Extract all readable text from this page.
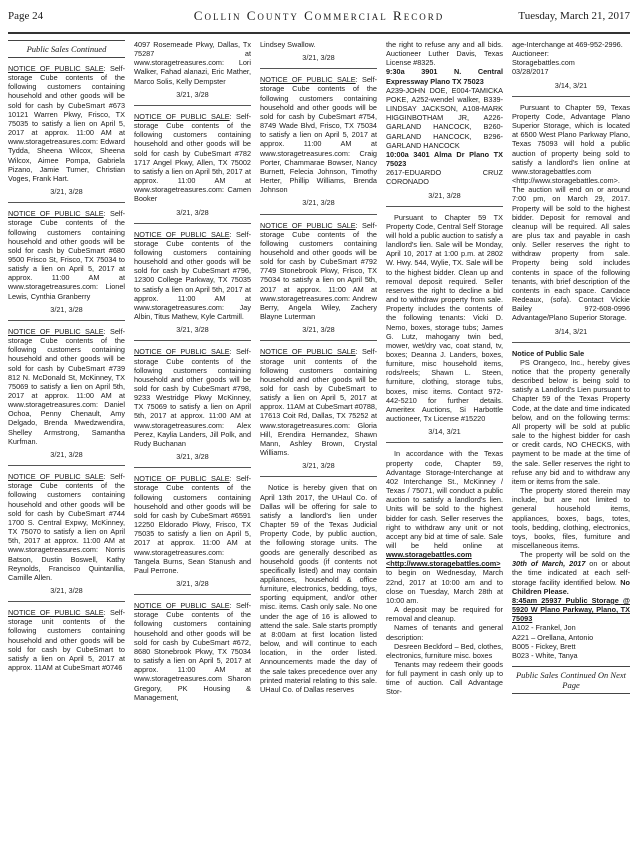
Page 24	Collin County Commercial Record	Tuesday, March 21, 2017
Public Sales Continued

NOTICE OF PUBLIC SALE: Self-storage Cube contents of the following customers containing household and other goods will be sold for cash by CubeSmart #673 10121 Warren Pkwy, Frisco, TX 75035 to satisfy a lien on April 5, 2017 at approx. 11:00 AM at www.storagetreasures.com: Edward Tydda, Sheena Wilcox, Sheena Wilcox, Aimee Pompa, Gabriela Pizano, Jamie Turner, Christian Voges, Frank Hart.

3/21, 3/28

NOTICE OF PUBLIC SALE: Self-storage Cube contents of the following customers containing household and other goods will be sold for cash by CubeSmart #680 9500 Frisco St, Frisco, TX 75034 to satisfy a lien on April 5, 2017 at approx. 11:00 AM at www.storagetreasures.com: Lionel Lewis, Cynthia Granberry

3/21, 3/28

NOTICE OF PUBLIC SALE: Self-storage Cube contents of the following customers containing household and other goods will be sold for cash by CubeSmart #739 812 N. McDonald St, McKinney, TX 75069 to satisfy a lien on April 5th, 2017 at approx. 11:00 AM at www.storagetreasures.com: Daniel Ochoa, Penny Chenault, Amy Delgado, Brenda Mwedzwendira, Shelley Armstrong, Samantha Kurfman.

3/21, 3/28

NOTICE OF PUBLIC SALE: Self-storage Cube contents of the following customers containing household and other goods will be sold for cash by CubeSmart #744 1700 S. Central Expwy, McKinney, TX 75070 to satisfy a lien on April 5th, 2017 at approx. 11:00 AM at www.storagetreasures.com: Norris Batson, Dustin Boswell, Kathy Reynolds, Francisco Quintanllia, Camille Allen.

3/21, 3/28

NOTICE OF PUBLIC SALE: Self-storage unit contents of the following customers containing household and other goods will be sold for cash by CubeSmart to satisfy a lien on April 5, 2017 at approx. 11AM at CubeSmart #0746

4097 Rosemeade Pkwy, Dallas, Tx 75287 at www.storagetreasures.com: Lori Walker, Fahad alanazi, Eric Mather, Marco Solis, Kelly Dempster

3/21, 3/28

NOTICE OF PUBLIC SALE: Self-storage Cube contents of the following customers containing household and other goods will be sold for cash by CubeSmart #782 1717 Angel Pkwy, Allen, TX 75002 to satisfy a lien on April 5th, 2017 at approx. 11:00 AM at www.storagetreasures.com: Camen Booker

3/21, 3/28

NOTICE OF PUBLIC SALE: Self-storage Cube contents of the following customers containing household and other goods will be sold for cash by CubeSmart #796, 12300 College Parkway, TX 75035 to satisfy a lien on April 5th, 2017 at approx. 11:00 AM at www.storagetreasures.com: Jay Albin, Titus Mathew, Kyle Cartmill.

3/21, 3/28

NOTICE OF PUBLIC SALE: Self-storage Cube contents of the following customers containing household and other goods will be sold for cash by CubeSmart #798, 9233 Westridge Pkwy McKinney, TX 75069 to satisfy a lien on April 5th, 2017 at approx. 11:00 AM at www.storagetreasures.com: Alex Perez, Kaylia Landers, Jill Polk, and Rudy Buchanan

3/21, 3/28

NOTICE OF PUBLIC SALE: Self-storage Cube contents of the following customers containing household and other goods will be sold for cash by CubeSmart #6591 12250 Eldorado Pkwy, Frisco, TX 75035 to satisfy a lien on April 5, 2017 at approx. 11:00 AM at www.storagetreasures.com: Tangela Burns, Sean Stanush and Paul Perrone.

3/21, 3/28

NOTICE OF PUBLIC SALE: Self-storage Cube contents of the following customers containing household and other goods will be sold for cash by CubeSmart #672, 8680 Stonebrook Pkwy, TX 75034 to satisfy a lien on April 5, 2017 at approx. 11:00 AM at www.storagetreasures.com Sharon Gregory, PK Housing & Management,

Lindsey Swallow.

3/21, 3/28

NOTICE OF PUBLIC SALE: Self-storage Cube contents of the following customers containing household and other goods will be sold for cash by CubeSmart #754, 8749 Wade Blvd, Frisco, TX 75034 to satisfy a lien on April 5, 2017 at approx. 11:00 AM at www.storagetreasures.com: Craig Porter, Chammarae Bowser, Nancy Burnett, Felecia Johnson, Timothy Herter, Phillip Williams, Brenda Johnson

3/21, 3/28

NOTICE OF PUBLIC SALE: Self-storage Cube contents of the following customers containing household and other goods will be sold for cash by CubeSmart #792 7749 Stonebrook Pkwy, Frisco, TX 75034 to satisfy a lien on April 5th, 2017 at approx. 11:00 AM at www.storagetreasures.com: Andrew Berry, Angela Wiley, Zachery Blayne Luterman

3/21, 3/28

NOTICE OF PUBLIC SALE: Self-storage unit contents of the following customers containing household and other goods will be sold for cash by CubeSmart to satisfy a lien on April 5, 2017 at approx. 11AM at CubeSmart #0788, 17613 Coit Rd, Dallas, TX 75252 at www.storagetreasures.com: Gloria Hill, Erendira Hernandez, Shawn Mann, Ashley Brown, Crystal Williams.

3/21, 3/28

Notice is hereby given that on April 13th 2017, the UHaul Co. of Dallas will be offering for sale to satisfy a landlord's lien under Chapter 59 of the Texas Judicial Property Code, by public auction, the following storage units. The goods are generally described as household goods (if contents not specifically listed) and may contain appliances, household & office furniture, electronics, bedding, toys, sporting equipment, and/or other misc. items. Cash only sale. No one under the age of 16 is allowed to attend the sale. Sale starts promptly at 8:00am at first location listed below, and will continue to each location, in the order listed. Announcements made the day of the sale takes precedence over any printed material relating to this sale. UHaul Co. of Dallas reserves

the right to refuse any and all bids. Auctioneer Luther Davis, Texas License #8325.

9:30a 3901 N. Central Expressway Plano TX 75023

A239-JOHN DOE, E004-TAMICKA POKE, A252-wendel walker, B339-LINDSAY JACKSON, A108-MARK HIGGINBOTHAM JR, A226-GARLAND HANCOCK, B260-GARLAND HANCOCK, B296-GARLAND HANCOCK

10:00a 3401 Alma Dr Plano TX 75023

2617-EDUARDO CRUZ CORONADO

3/21, 3/28

Pursuant to Chapter 59 TX Property Code, Central Self Storage will hold a public auction to satisfy a landlord's lien. Sale will be Monday, April 10, 2017 at 1:00 p.m. at 2802 W. Hwy. 544, Wylie, TX. Sale will be to the highest bidder. Clean up and removal deposit required. Seller reserves the right to decline a bid and to withdraw property from sale. Property includes the contents of the following tenants: Vicki D. Nemo, boxes, storage tubs; James G. Lutz, mahogany twin bed, mower, wet/dry vac, coat stand, tv, boxes; Deanna J. Landers, boxes, furniture, misc household items, rods/reels; Shawn L. Steen, furniture, clothing, storage tubs, boxes, misc items. Contact 972-442-5210 for further details. Ameritex Auctions, Si Harbottle auctioneer, Tx License #15220

3/14, 3/21

In accordance with the Texas property code, Chapter 59, Advantage Storage-Interchange at 402 Interchange St., McKinney / Texas / 75071, will conduct a public auction to satisfy a landlord's lien. Units will be sold to the highest bidder for cash. Seller reserves the right to withdraw any unit or not accept any bid at time of sale. Sale will be held online at www.storagebattles.com <http://www.storagebattles.com> to begin on Wednesday, March 22nd, 2017 at 10:00 am and to close on Tuesday, March 28th at 10:00 am.

A deposit may be required for removal and cleanup.

Names of tenants and general description:

Desreen Beckford – Bed, clothes, electronics, furniture misc. boxes

Tenants may redeem their goods for full payment in cash only up to time of auction. Call Advantage Stor-

age-Interchange at 469-952-2996.

Auctioneer:

Storagebattles.com

03/28/2017

3/14, 3/21

Pursuant to Chapter 59, Texas Property Code, Advantage Plano Superior Storage, which is located at 6500 West Plano Parkway Plano, Texas 75093 will hold a public auction of property being sold to satisfy a landlord's lien online at www.storagebattles.com <http://www.storagebattles.com>. The auction will end on or around 7:00 pm, on March 29, 2017. Property will be sold to the highest bidder. Deposit for removal and cleanup will be required. All sales are plus tax and payable in cash only. Seller reserves the right to withdraw property from sale. Property being sold includes contents in space of the following tenants, with brief description of the contents in each space. Candace Redeaux, (sofa). Contact Vickie Bailey 972-608-0996 Advantage/Plano Superior Storage.

3/14, 3/21

Notice of Public Sale

PS Orangeco, Inc., hereby gives notice that the property generally described below is being sold to satisfy a Landlord's Lien pursuant to Chapter 59 of the Texas Property Code, at the date and time indicated below, and on the following terms: All property will be sold at public sale to the highest bidder for cash or credit cards, NO CHECKS, with payment to be made at the time of the sale. Seller reserves the right to refuse any bid and to withdraw any item or items from the sale.

The property stored therein may include, but are not limited to general household items, appliances, boxes, bags, totes, tools, bedding, clothing, electronics, toys, books, files, furniture and miscellaneous items.

The property will be sold on the 30th of March, 2017 on or about the time indicated at each self-storage facility identified below. No Children Please.

8:45am 25937 Public Storage @ 5920 W Plano Parkway, Plano, TX 75093

A102 - Frankel, Jon

A221 – Orellana, Antonio

B005 - Fickey, Brett

B023 - White, Tanya

Public Sales Continued On Next Page
